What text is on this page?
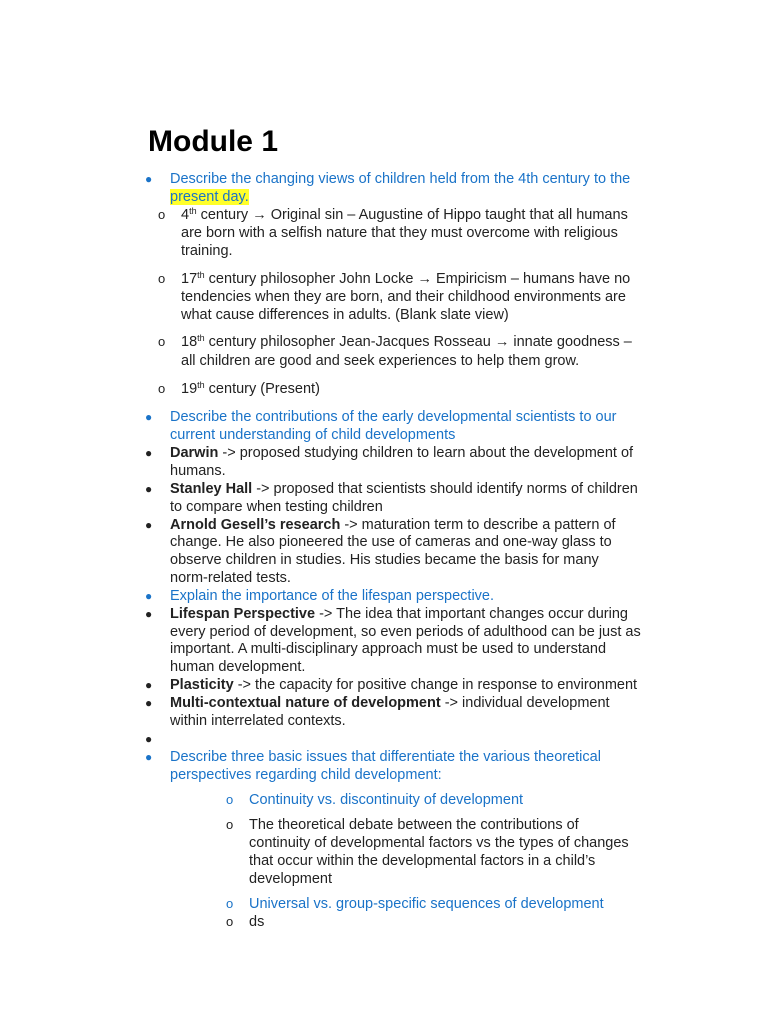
Module 1
● Describe the changing views of children held from the 4th century to the
present day.
o 4th century → Original sin – Augustine of Hippo taught that all humans
are born with a selfish nature that they must overcome with religious
training.
o 17th century philosopher John Locke → Empiricism – humans have no
tendencies when they are born, and their childhood environments are
what cause differences in adults. (Blank slate view)
o 18th century philosopher Jean-Jacques Rosseau → innate goodness –
all children are good and seek experiences to help them grow.
o 19th century (Present)
● Describe the contributions of the early developmental scientists to our
current understanding of child developments
● Darwin -> proposed studying children to learn about the development of
humans.
● Stanley Hall -> proposed that scientists should identify norms of children
to compare when testing children
● Arnold Gesell’s research -> maturation term to describe a pattern of
change. He also pioneered the use of cameras and one-way glass to
observe children in studies. His studies became the basis for many
norm-related tests.
● Explain the importance of the lifespan perspective.
● Lifespan Perspective -> The idea that important changes occur during
every period of development, so even periods of adulthood can be just as
important. A multi-disciplinary approach must be used to understand
human development.
● Plasticity -> the capacity for positive change in response to environment
● Multi-contextual nature of development -> individual development
within interrelated contexts.
●
● Describe three basic issues that differentiate the various theoretical
perspectives regarding child development:
o Continuity vs. discontinuity of development
o The theoretical debate between the contributions of
continuity of developmental factors vs the types of changes
that occur within the developmental factors in a child’s
development
o Universal vs. group-specific sequences of development
o ds
